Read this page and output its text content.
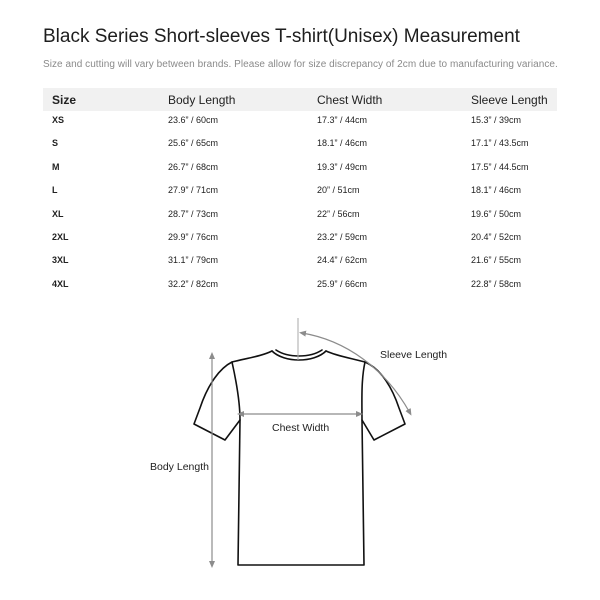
Black Series Short-sleeves T-shirt(Unisex) Measurement
Size and cutting will vary between brands. Please allow for size discrepancy of 2cm due to manufacturing variance.
Size	Body Length	Chest Width	Sleeve Length
XS	23.6” / 60cm	17.3” / 44cm	15.3” / 39cm
S	25.6” / 65cm	18.1” / 46cm	17.1” / 43.5cm
M	26.7” / 68cm	19.3” / 49cm	17.5” / 44.5cm
L	27.9” / 71cm	20” / 51cm	18.1” / 46cm
XL	28.7” / 73cm	22” / 56cm	19.6” / 50cm
2XL	29.9” / 76cm	23.2” / 59cm	20.4” / 52cm
3XL	31.1” / 79cm	24.4” / 62cm	21.6” / 55cm
4XL	32.2” / 82cm	25.9” / 66cm	22.8” / 58cm
Sleeve Length
Chest Width
Body Length
